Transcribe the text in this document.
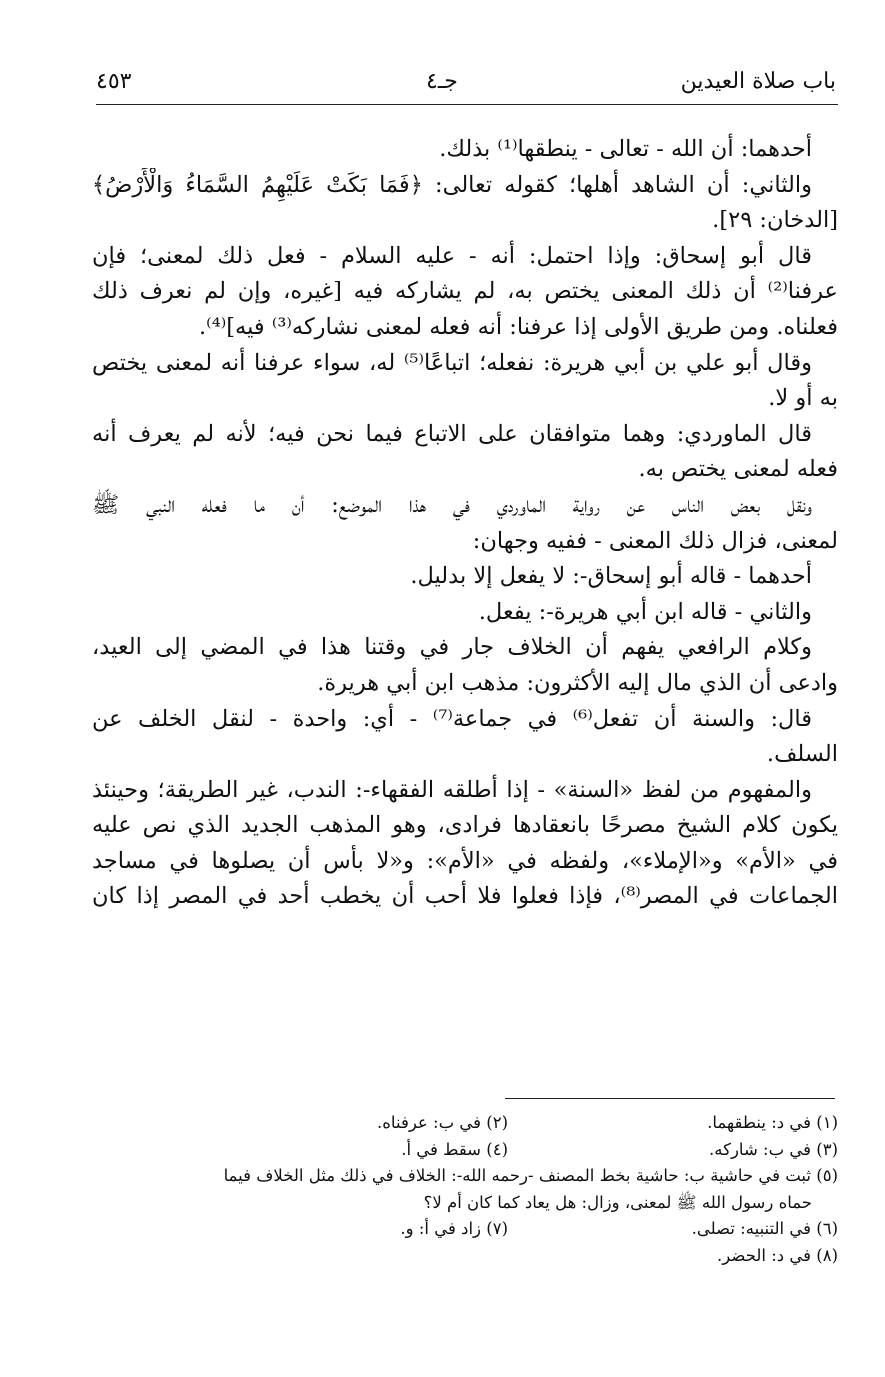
باب صلاة العيدين
جـ٤
٤٥٣
أحدهما: أن الله - تعالى - ينطقها⁽¹⁾ بذلك.
والثاني: أن الشاهد أهلها؛ كقوله تعالى: ﴿فَمَا بَكَتْ عَلَيْهِمُ السَّمَاءُ وَالْأَرْضُ﴾
[الدخان: ٢٩].
قال أبو إسحاق: وإذا احتمل: أنه - عليه السلام - فعل ذلك لمعنى؛ فإن
عرفنا⁽²⁾ أن ذلك المعنى يختص به، لم يشاركه فيه [غيره، وإن لم نعرف ذلك
فعلناه. ومن طريق الأولى إذا عرفنا: أنه فعله لمعنى نشاركه⁽³⁾ فيه]⁽⁴⁾.
وقال أبو علي بن أبي هريرة: نفعله؛ اتباعًا⁽⁵⁾ له، سواء عرفنا أنه لمعنى يختص
به أو لا.
قال الماوردي: وهما متوافقان على الاتباع فيما نحن فيه؛ لأنه لم يعرف أنه
فعله لمعنى يختص به.
ونقل بعض الناس عن رواية الماوردي في هذا الموضع: أن ما فعله النبي ﷺ
لمعنى، فزال ذلك المعنى - ففيه وجهان:
أحدهما - قاله أبو إسحاق-: لا يفعل إلا بدليل.
والثاني - قاله ابن أبي هريرة-: يفعل.
وكلام الرافعي يفهم أن الخلاف جار في وقتنا هذا في المضي إلى العيد،
وادعى أن الذي مال إليه الأكثرون: مذهب ابن أبي هريرة.
قال: والسنة أن تفعل⁽⁶⁾ في جماعة⁽⁷⁾ - أي: واحدة - لنقل الخلف عن
السلف.
والمفهوم من لفظ «السنة» - إذا أطلقه الفقهاء-: الندب، غير الطريقة؛ وحينئذ
يكون كلام الشيخ مصرحًا بانعقادها فرادى، وهو المذهب الجديد الذي نص عليه
في «الأم» و«الإملاء»، ولفظه في «الأم»: و«لا بأس أن يصلوها في مساجد
الجماعات في المصر⁽⁸⁾، فإذا فعلوا فلا أحب أن يخطب أحد في المصر إذا كان
(١) في د: ينطقهما.
(٢) في ب: عرفناه.
(٣) في ب: شاركه.
(٤) سقط في أ.
(٥) ثبت في حاشية ب: حاشية بخط المصنف -رحمه الله-: الخلاف في ذلك مثل الخلاف فيما
حماه رسول الله ﷺ لمعنى، وزال: هل يعاد كما كان أم لا؟
(٦) في التنبيه: تصلى.
(٧) زاد في أ: و.
(٨) في د: الحضر.
